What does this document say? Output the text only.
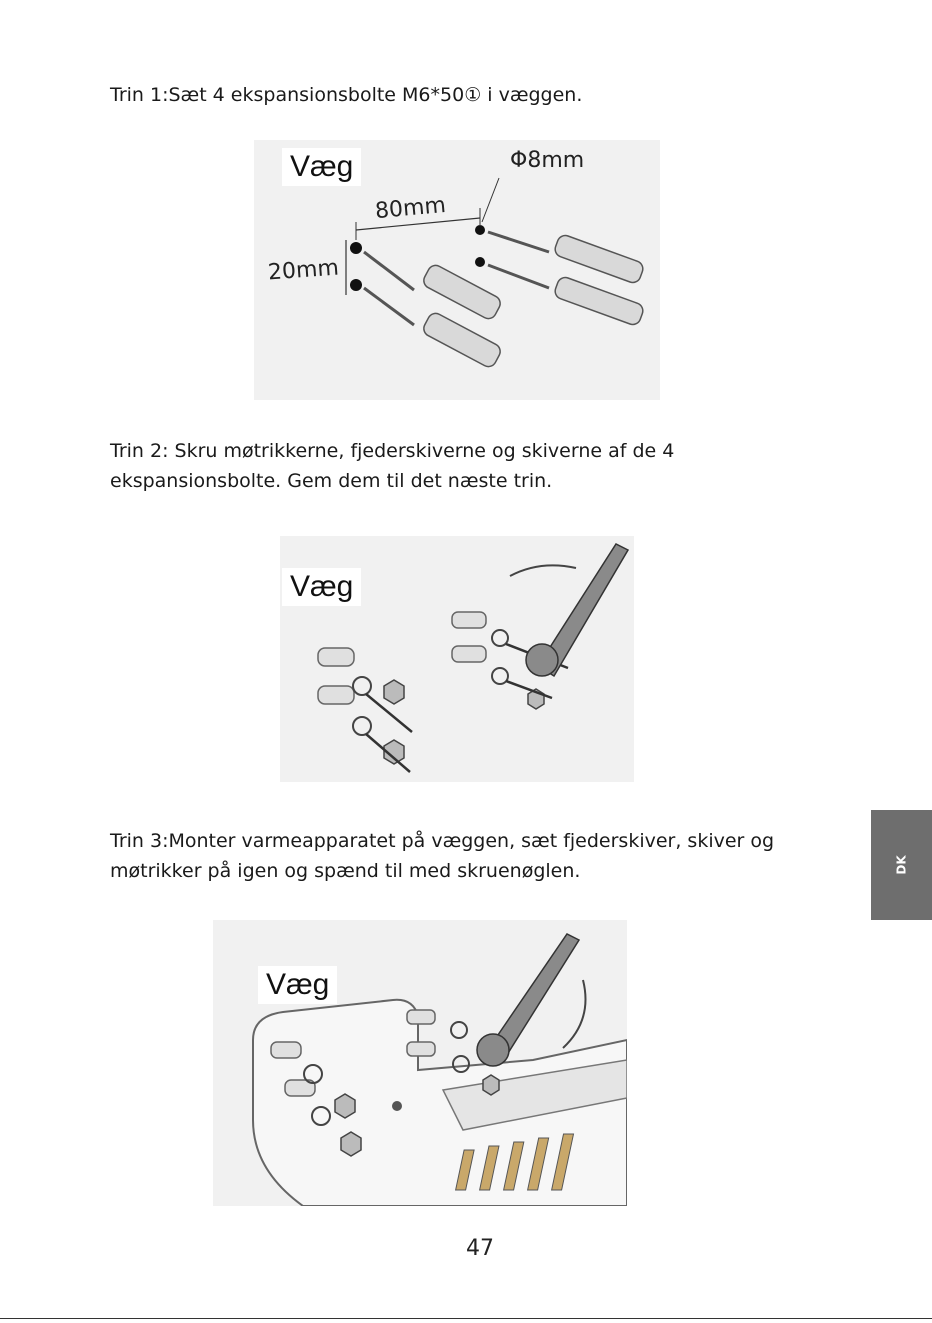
Trin 1:Sæt 4 ekspansionsbolte M6*50① i væggen.
Væg
80mm
20mm
Φ8mm
Trin 2: Skru møtrikkerne, fjederskiverne og skiverne af de 4 ekspansionsbolte. Gem dem til det næste trin.
Væg
Trin 3:Monter varmeapparatet på væggen, sæt fjederskiver, skiver og møtrikker på igen og spænd til med skruenøglen.
Væg
DK
47
